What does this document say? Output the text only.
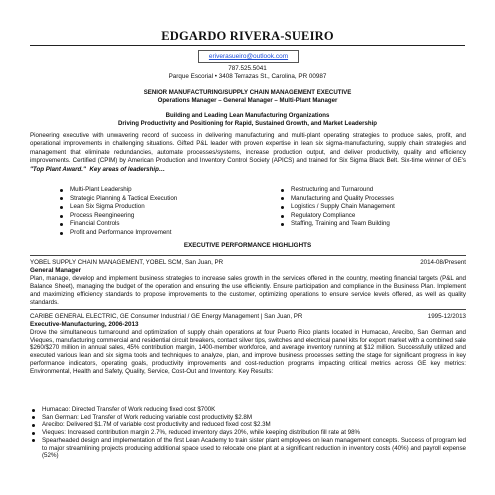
EDGARDO RIVERA-SUEIRO
eriverasueiro@outlook.com
787.525.5041
Parque Escorial • 3408 Terrazas St., Carolina, PR 00987
SENIOR MANUFACTURING/SUPPLY CHAIN MANAGEMENT EXECUTIVE
Operations Manager – General Manager – Multi-Plant Manager
Building and Leading Lean Manufacturing Organizations
Driving Productivity and Positioning for Rapid, Sustained Growth, and Market Leadership
Pioneering executive with unwavering record of success in delivering manufacturing and multi-plant operating strategies to produce sales, profit, and operational improvements in challenging situations. Gifted P&L leader with proven expertise in lean six sigma-manufacturing, supply chain strategies and management that eliminate redundancies, automate processes/systems, increase production output, and deliver productivity, quality and efficiency improvements. Certified (CPIM) by American Production and Inventory Control Society (APICS) and trained for Six Sigma Black Belt. Six-time winner of GE's "Top Plant Award." Key areas of leadership…
Multi-Plant Leadership
Strategic Planning & Tactical Execution
Lean Six Sigma Production
Process Reengineering
Financial Controls
Profit and Performance Improvement
Restructuring and Turnaround
Manufacturing and Quality Processes
Logistics / Supply Chain Management
Regulatory Compliance
Staffing, Training and Team Building
EXECUTIVE PERFORMANCE HIGHLIGHTS
YOBEL SUPPLY CHAIN MANAGEMENT, YOBEL SCM, San Juan, PR	2014-08/Present
General Manager
Plan, manage, develop and implement business strategies to increase sales growth in the services offered in the country, meeting financial targets (P&L and Balance Sheet), managing the budget of the operation and ensuring the use efficiently. Ensure participation and compliance in the Business Plan. Implement and maximizing efficiency standards to propose improvements to the customer, optimizing operations to ensure service levels offered, as well as quality standards.
CARIBE GENERAL ELECTRIC, GE Consumer Industrial / GE Energy Management | San Juan, PR	1995-12/2013
Executive-Manufacturing, 2006-2013
Drove the simultaneous turnaround and optimization of supply chain operations at four Puerto Rico plants located in Humacao, Arecibo, San German and Vieques, manufacturing commercial and residential circuit breakers, contact silver tips, switches and electrical panel kits for export market with a combined sale $260/$270 million in annual sales, 45% contribution margin, 1400-member workforce, and average inventory running at $12 million. Successfully utilized and executed various lean and six sigma tools and techniques to analyze, plan, and improve business processes setting the stage for significant progress in key performance indicators, operating goals, productivity improvements and cost-reduction programs impacting critical metrics across GE key metrics: Environmental, Health and Safety, Quality, Service, Cost-Out and Inventory. Key Results:
Humacao: Directed Transfer of Work reducing fixed cost $700K
San German: Led Transfer of Work reducing variable cost productivity $2.8M
Arecibo: Delivered $1.7M of variable cost productivity and reduced fixed cost $2.3M
Vieques: Increased contribution margin 2.7%, reduced inventory days 20%, while keeping distribution fill rate at 98%
Spearheaded design and implementation of the first Lean Academy to train sister plant employees on lean management concepts. Success of program led to major streamlining projects producing additional space used to relocate one plant at a significant reduction in inventory costs (40%) and payroll expense (52%)
